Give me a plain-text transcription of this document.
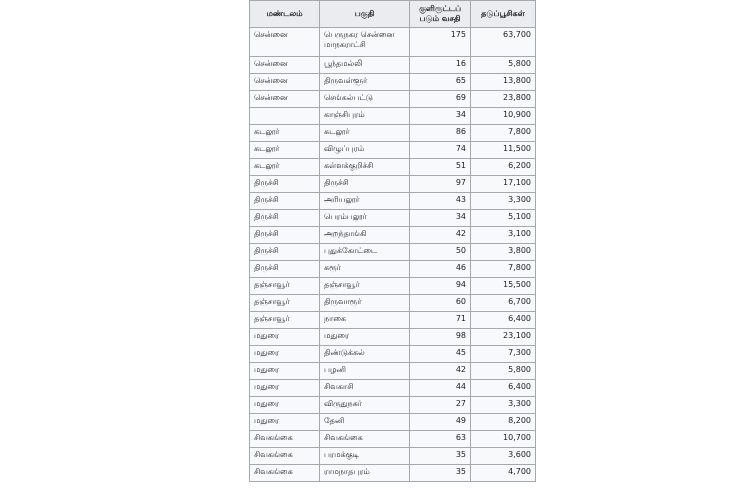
மண்டலம்	பகுதி	குளிரூட்டப் படும் வசதி	தடுப்பூசிகள்
சென்னை	பெருநகர சென்னை மாநகராட்சி	175	63,700
சென்னை	பூந்தமல்லி	16	5,800
சென்னை	திருவள்ளூர்	65	13,800
சென்னை	செங்கல்பட்டு	69	23,800
	காஞ்சிபுரம்	34	10,900
கடலூர்	கடலூர்	86	7,800
கடலூர்	விழுப்புரம்	74	11,500
கடலூர்	கள்ளக்குறிச்சி	51	6,200
திருச்சி	திருச்சி	97	17,100
திருச்சி	அரியலூர்	43	3,300
திருச்சி	பெரம்பலூர்	34	5,100
திருச்சி	அறந்தாங்கி	42	3,100
திருச்சி	புதுக்கோட்டை	50	3,800
திருச்சி	கரூர்	46	7,800
தஞ்சாவூர்	தஞ்சாவூர்	94	15,500
தஞ்சாவூர்	திருவாரூர்	60	6,700
தஞ்சாவூர்	நாகை	71	6,400
மதுரை	மதுரை	98	23,100
மதுரை	திண்டுக்கல்	45	7,300
மதுரை	பழனி	42	5,800
மதுரை	சிவகாசி	44	6,400
மதுரை	விருதுநகர்	27	3,300
மதுரை	தேனி	49	8,200
சிவகங்கை	சிவகங்கை	63	10,700
சிவகங்கை	பரமக்குடி	35	3,600
சிவகங்கை	ராமநாதபுரம்	35	4,700
